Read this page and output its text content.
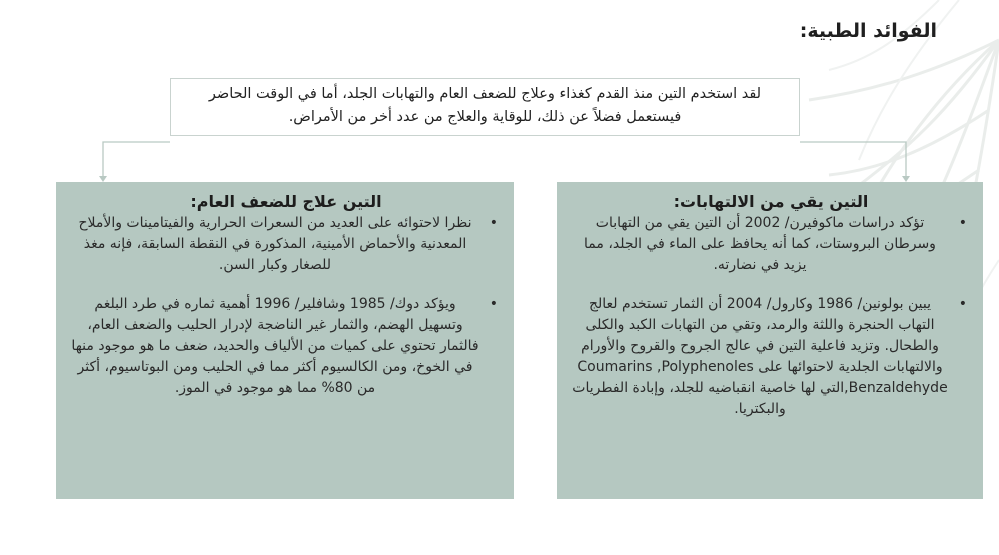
الفوائد الطبية:
لقد استخدم التين منذ القدم كغذاء وعلاج للضعف العام والتهابات الجلد، أما في الوقت الحاضر فيستعمل فضلاً عن ذلك، للوقاية والعلاج من عدد أخر من الأمراض.
التين يقي من الالتهابات:
•
تؤكد دراسات ماكوفيرن/ 2002 أن التين يقي من التهابات وسرطان البروستات، كما أنه يحافظ على الماء في الجلد، مما يزيد في نضارته.
•
يبين بولونين/ 1986 وكارول/ 2004 أن الثمار تستخدم لعالج التهاب الحنجرة واللثة والرمد، وتقي من التهابات الكبد والكلى والطحال. وتزيد فاعلية التين في عالج الجروح والقروح والأورام والالتهابات الجلدية لاحتوائها على Coumarins ,Polyphenoles Benzaldehyde,التي لها خاصية انقباضيه للجلد، وإبادة الفطريات والبكتريا.
التين علاج للضعف العام:
•
نظرا لاحتوائه على العديد من السعرات الحرارية والفيتامينات والأملاح المعدنية والأحماض الأمينية، المذكورة في النقطة السابقة، فإنه مغذ للصغار وكبار السن.
•
ويؤكد دوك/ 1985 وشافلير/ 1996 أهمية ثماره في طرد البلغم وتسهيل الهضم، والثمار غير الناضجة لإدرار الحليب والضعف العام، فالثمار تحتوي على كميات من الألياف والحديد، ضعف ما هو موجود منها في الخوخ، ومن الكالسيوم أكثر مما في الحليب ومن البوتاسيوم، أكثر من 80% مما هو موجود في الموز.
